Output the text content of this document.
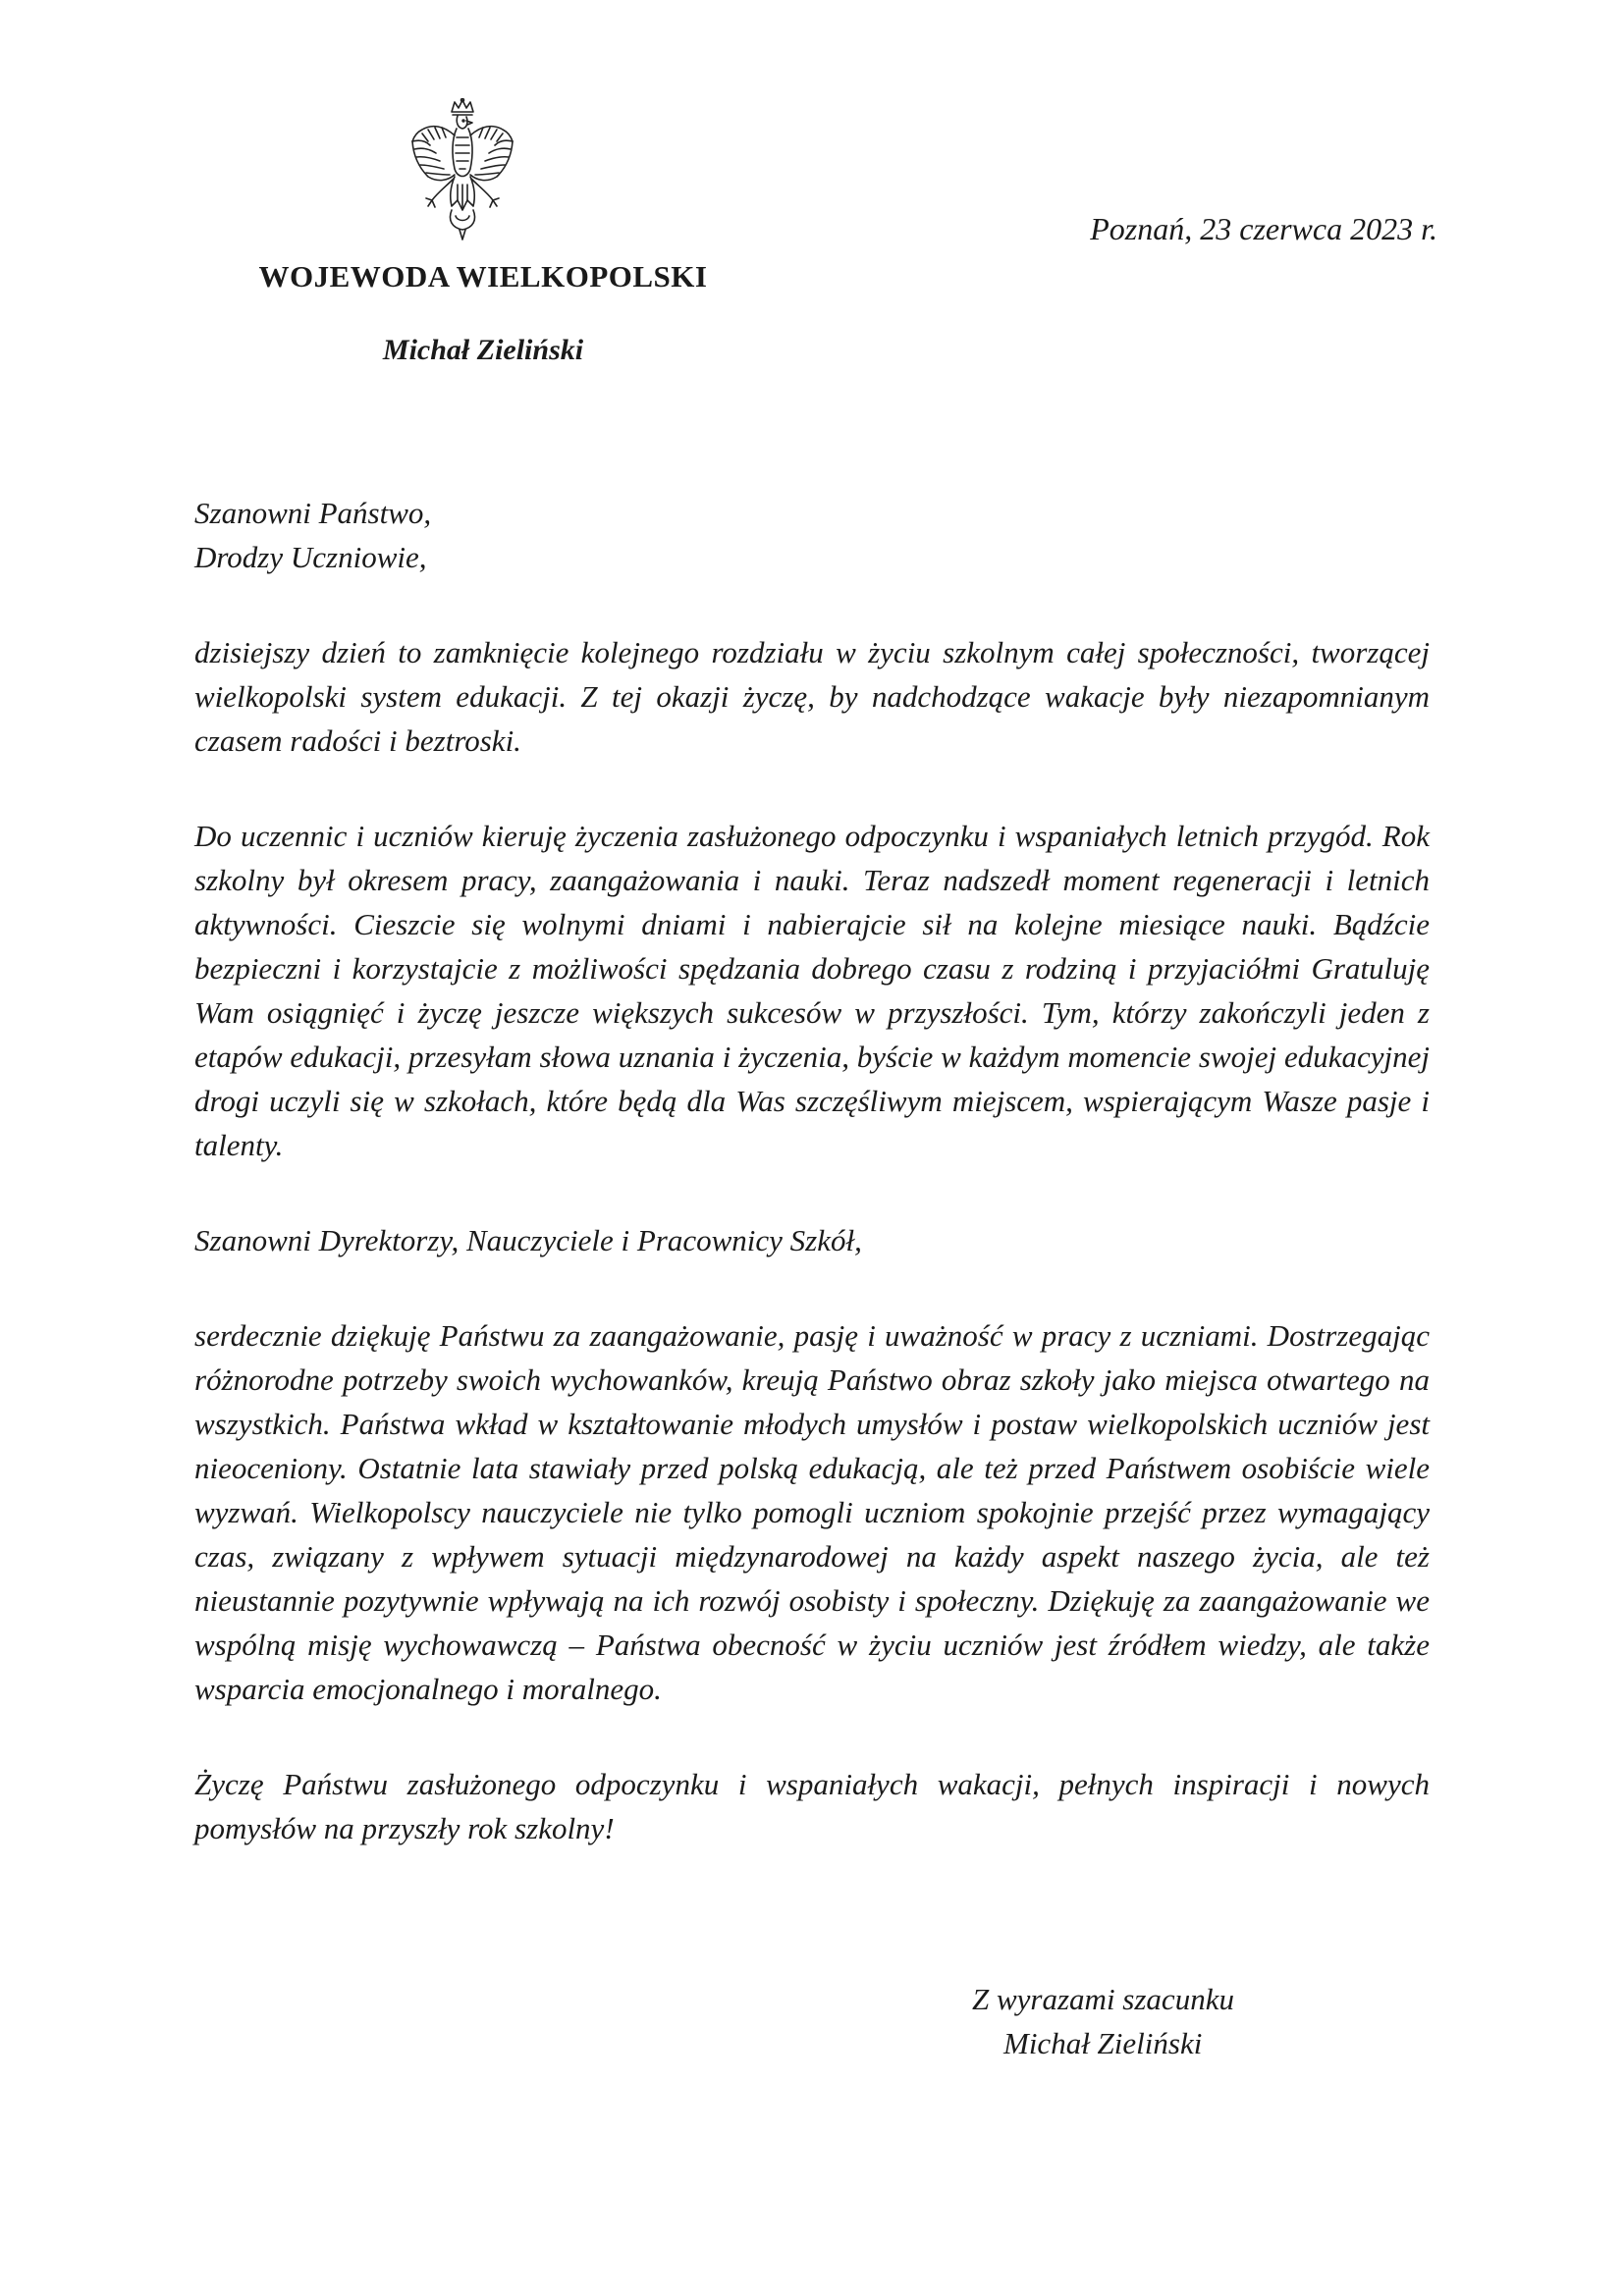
WOJEWODA WIELKOPOLSKI
Michał Zieliński
Poznań, 23 czerwca 2023 r.

Szanowni Państwo,

Drodzy Uczniowie,

dzisiejszy dzień to zamknięcie kolejnego rozdziału w życiu szkolnym całej społeczności, tworzącej wielkopolski system edukacji. Z tej okazji życzę, by nadchodzące wakacje były niezapomnianym czasem radości i beztroski.

Do uczennic i uczniów kieruję życzenia zasłużonego odpoczynku i wspaniałych letnich przygód. Rok szkolny był okresem pracy, zaangażowania i nauki. Teraz nadszedł moment regeneracji i letnich aktywności. Cieszcie się wolnymi dniami i nabierajcie sił na kolejne miesiące nauki. Bądźcie bezpieczni i korzystajcie z możliwości spędzania dobrego czasu z rodziną i przyjaciółmi Gratuluję Wam osiągnięć i życzę jeszcze większych sukcesów w przyszłości. Tym, którzy zakończyli jeden z etapów edukacji, przesyłam słowa uznania i życzenia, byście w każdym momencie swojej edukacyjnej drogi uczyli się w szkołach, które będą dla Was szczęśliwym miejscem, wspierającym Wasze pasje i talenty.

Szanowni Dyrektorzy, Nauczyciele i Pracownicy Szkół,

serdecznie dziękuję Państwu za zaangażowanie, pasję i uważność w pracy z uczniami. Dostrzegając różnorodne potrzeby swoich wychowanków, kreują Państwo obraz szkoły jako miejsca otwartego na wszystkich. Państwa wkład w kształtowanie młodych umysłów i postaw wielkopolskich uczniów jest nieoceniony. Ostatnie lata stawiały przed polską edukacją, ale też przed Państwem osobiście wiele wyzwań. Wielkopolscy nauczyciele nie tylko pomogli uczniom spokojnie przejść przez wymagający czas, związany z wpływem sytuacji międzynarodowej na każdy aspekt naszego życia, ale też nieustannie pozytywnie wpływają na ich rozwój osobisty i społeczny. Dziękuję za zaangażowanie we wspólną misję wychowawczą – Państwa obecność w życiu uczniów jest źródłem wiedzy, ale także wsparcia emocjonalnego i moralnego.

Życzę Państwu zasłużonego odpoczynku i wspaniałych wakacji, pełnych inspiracji i nowych pomysłów na przyszły rok szkolny!

Z wyrazami szacunku
Michał Zieliński
